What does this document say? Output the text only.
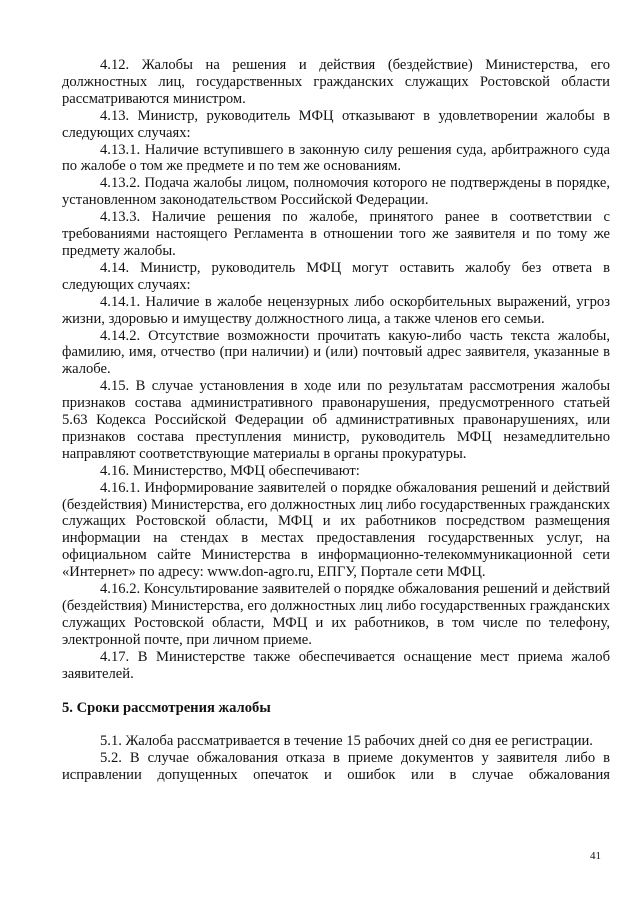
4.12. Жалобы на решения и действия (бездействие) Министерства, его должностных лиц, государственных гражданских служащих Ростовской области рассматриваются министром.

4.13. Министр, руководитель МФЦ отказывают в удовлетворении жалобы в следующих случаях:

4.13.1. Наличие вступившего в законную силу решения суда, арбитражного суда по жалобе о том же предмете и по тем же основаниям.

4.13.2. Подача жалобы лицом, полномочия которого не подтверждены в порядке, установленном законодательством Российской Федерации.

4.13.3. Наличие решения по жалобе, принятого ранее в соответствии с требованиями настоящего Регламента в отношении того же заявителя и по тому же предмету жалобы.

4.14. Министр, руководитель МФЦ могут оставить жалобу без ответа в следующих случаях:

4.14.1. Наличие в жалобе нецензурных либо оскорбительных выражений, угроз жизни, здоровью и имуществу должностного лица, а также членов его семьи.

4.14.2. Отсутствие возможности прочитать какую-либо часть текста жалобы, фамилию, имя, отчество (при наличии) и (или) почтовый адрес заявителя, указанные в жалобе.

4.15. В случае установления в ходе или по результатам рассмотрения жалобы признаков состава административного правонарушения, предусмотренного статьей 5.63 Кодекса Российской Федерации об административных правонарушениях, или признаков состава преступления министр, руководитель МФЦ незамедлительно направляют соответствующие материалы в органы прокуратуры.

4.16. Министерство, МФЦ обеспечивают:

4.16.1. Информирование заявителей о порядке обжалования решений и действий (бездействия) Министерства, его должностных лиц либо государственных гражданских служащих Ростовской области, МФЦ и их работников посредством размещения информации на стендах в местах предоставления государственных услуг, на официальном сайте Министерства в информационно-телекоммуникационной сети «Интернет» по адресу: www.don-agro.ru, ЕПГУ, Портале сети МФЦ.

4.16.2. Консультирование заявителей о порядке обжалования решений и действий (бездействия) Министерства, его должностных лиц либо государственных гражданских служащих Ростовской области, МФЦ и их работников, в том числе по телефону, электронной почте, при личном приеме.

4.17. В Министерстве также обеспечивается оснащение мест приема жалоб заявителей.

5. Сроки рассмотрения жалобы

5.1. Жалоба рассматривается в течение 15 рабочих дней со дня ее регистрации.

5.2. В случае обжалования отказа в приеме документов у заявителя либо в исправлении допущенных опечаток и ошибок или в случае обжалования

41
